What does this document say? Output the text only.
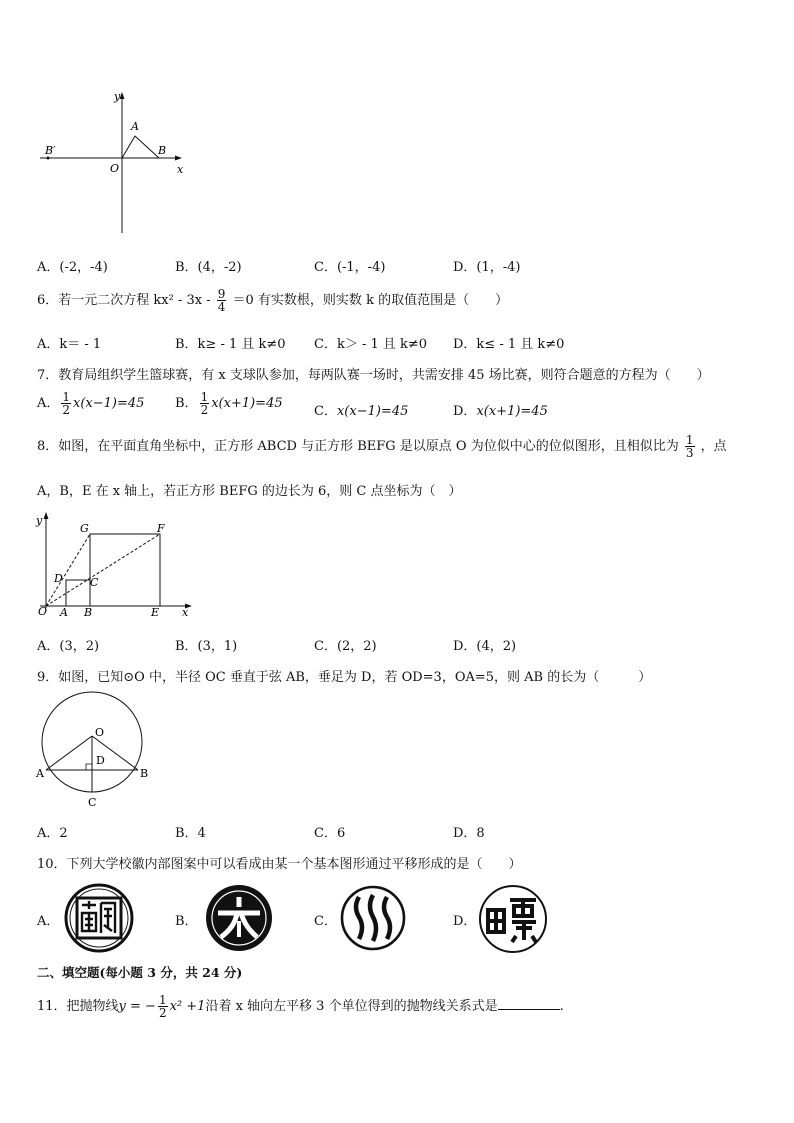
y
x
A
B
B′
O
A．(-2，-4)	B．(4，-2)	C．(-1，-4)	D．(1，-4)
6．若一元二次方程 $kx^2 - 3x - \frac{9}{4} =0$ 有实数根，则实数 k 的取值范围是（　　）
A．k＝ - 1	B．k≥ - 1 且 k≠0 C．k＞ - 1 且 k≠0 D．k≤ - 1 且 k≠0
7．教育局组织学生篮球赛，有 x 支球队参加，每两队赛一场时，共需安排 45 场比赛，则符合题意的方程为（　　）
A． $\frac{1}{2} x(x-1)=45$ B． $\frac{1}{2} x(x+1)=45$
C．x(x−1)=45	D．x(x+1)=45
8．如图，在平面直角坐标中，正方形 ABCD 与正方形 BEFG 是以原点 O 为位似中心的位似图形，且相似比为 $\frac{1}{3}$ ，点
A，B，E 在 x 轴上，若正方形 BEFG 的边长为 6，则 C 点坐标为（　）
y
x
O A B	E
D C
G	F
A．(3，2)	B．(3，1)	C．(2，2)	D．(4，2)
9．如图，已知⊙O 中，半径 OC 垂直于弦 AB，垂足为 D，若 OD=3，OA=5，则 AB 的长为（　　　）
O
D
A	B
C
A．2	B．4	C．6	D．8
10．下列大学校徽内部图案中可以看成由某一个基本图形通过平移形成的是（　　）
A．	B．	C．	D．
二、填空题(每小题 3 分，共 24 分)
11．把抛物线y = − $\frac{1}{2} x^2 +1$沿着 x 轴向左平移 3 个单位得到的抛物线关系式是	.
